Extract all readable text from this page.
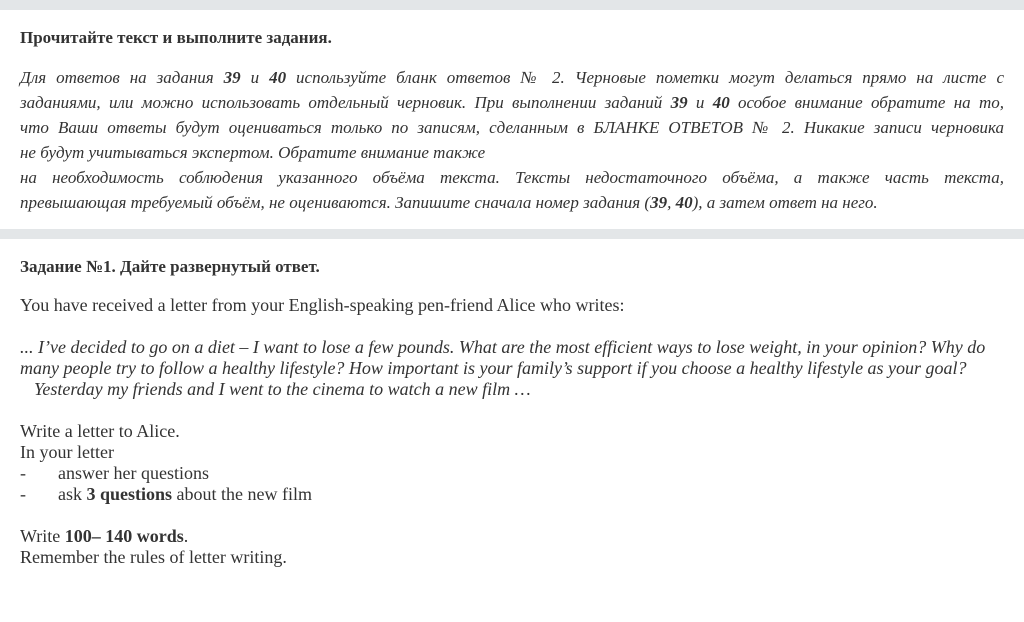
Прочитайте текст и выполните задания.

Для ответов на задания 39 и 40 используйте бланк ответов № 2. Черновые пометки могут делаться прямо на листе с
заданиями, или можно использовать отдельный черновик. При выполнении заданий 39 и 40 особое внимание обратите на то,
что Ваши ответы будут оцениваться только по записям, сделанным в БЛАНКЕ ОТВЕТОВ № 2. Никакие записи черновика
не будут учитываться экспертом. Обратите внимание также
на необходимость соблюдения указанного объёма текста. Тексты недостаточного объёма, а также часть текста,
превышающая требуемый объём, не оцениваются. Запишите сначала номер задания (39, 40), а затем ответ на него.

Задание №1. Дайте развернутый ответ.

You have received a letter from your English-speaking pen-friend Alice who writes:

... I’ve decided to go on a diet – I want to lose a few pounds. What are the most efficient ways to lose weight, in your opinion? Why do
many people try to follow a healthy lifestyle? How important is your family’s support if you choose a healthy lifestyle as your goal?
Yesterday my friends and I went to the cinema to watch a new film …
Write a letter to Alice.
In your letter
-	answer her questions
-	ask 3 questions about the new film
Write 100– 140 words.
Remember the rules of letter writing.
